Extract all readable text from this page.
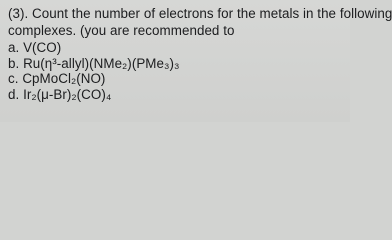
(3). Count the number of electrons for the metals in the following
complexes. (you are recommended to
a. V(CO)
b. Ru(η³-allyl)(NMe₂)(PMe₃)₃
c. CpMoCl₂(NO)
d. Ir₂(μ-Br)₂(CO)₄
